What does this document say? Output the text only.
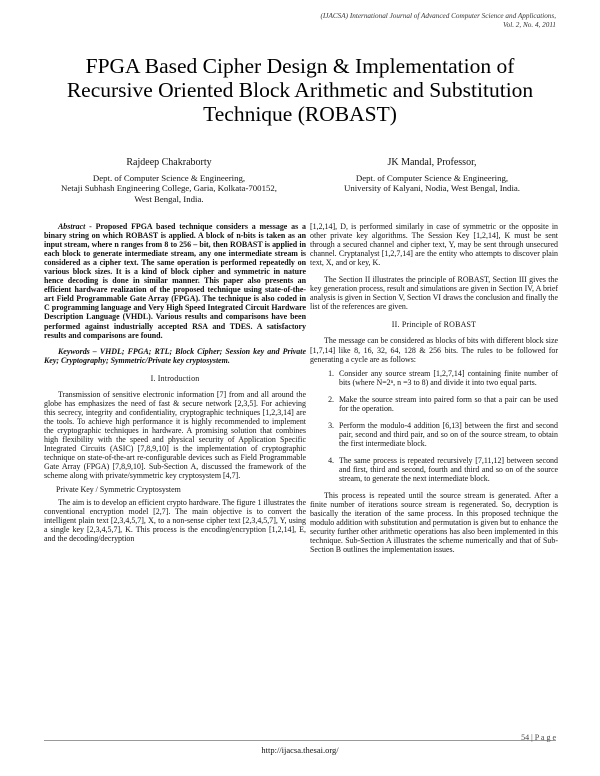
(IJACSA) International Journal of Advanced Computer Science and Applications,
Vol. 2, No. 4, 2011
FPGA Based Cipher Design & Implementation of
Recursive Oriented Block Arithmetic and Substitution
Technique (ROBAST)
Rajdeep Chakraborty
Dept. of Computer Science & Engineering,
Netaji Subhash Engineering College, Garia, Kolkata-700152,
West Bengal, India.
JK Mandal, Professor,
Dept. of Computer Science & Engineering,
University of Kalyani, Nodia, West Bengal, India.

Abstract - Proposed FPGA based technique considers a message as a binary string on which ROBAST is applied. A block of n-bits is taken as an input stream, where n ranges from 8 to 256 – bit, then ROBAST is applied in each block to generate intermediate stream, any one intermediate stream is considered as a cipher text. The same operation is performed repeatedly on various block sizes. It is a kind of block cipher and symmetric in nature hence decoding is done in similar manner. This paper also presents an efficient hardware realization of the proposed technique using state-of-the-art Field Programmable Gate Array (FPGA). The technique is also coded in C programming language and Very High Speed Integrated Circuit Hardware Description Language (VHDL). Various results and comparisons have been performed against industrially accepted RSA and TDES. A satisfactory results and comparisons are found.

Keywords – VHDL; FPGA; RTL; Block Cipher; Session key and Private Key; Cryptography; Symmetric/Private key cryptosystem.

I. Introduction

Transmission of sensitive electronic information [7] from and all around the globe has emphasizes the need of fast & secure network [2,3,5]. For achieving this secrecy, integrity and confidentiality, cryptographic techniques [1,2,3,14] are the tools. To achieve high performance it is highly recommended to implement the cryptographic techniques in hardware. A promising solution that combines high flexibility with the speed and physical security of Application Specific Integrated Circuits (ASIC) [7,8,9,10] is the implementation of cryptographic technique on state-of-the-art re-configurable devices such as Field Programmable Gate Array (FPGA) [7,8,9,10]. Sub-Section A, discussed the framework of the scheme along with private/symmetric key cryptosystem [4,7].

Private Key / Symmetric Cryptosystem

The aim is to develop an efficient crypto hardware. The figure 1 illustrates the conventional encryption model [2,7]. The main objective is to convert the intelligent plain text [2,3,4,5,7], X, to a non-sense cipher text [2,3,4,5,7], Y, using a single key [2,3,4,5,7], K. This process is the encoding/encryption [1,2,14], E, and the decoding/decryption

[1,2,14], D, is performed similarly in case of symmetric or the opposite in other private key algorithms. The Session Key [1,2,14], K must be sent through a secured channel and cipher text, Y, may be sent through unsecured channel. Cryptanalyst [1,2,7,14] are the entity who attempts to discover plain text, X, and or key, K.

The Section II illustrates the principle of ROBAST, Section III gives the key generation process, result and simulations are given in Section IV, A brief analysis is given in Section V, Section VI draws the conclusion and finally the list of the references are given.

II. Principle of ROBAST

The message can be considered as blocks of bits with different block size [1,7,14] like 8, 16, 32, 64, 128 & 256 bits. The rules to be followed for generating a cycle are as follows:

1. Consider any source stream [1,2,7,14] containing finite number of bits (where N=2ⁿ, n =3 to 8) and divide it into two equal parts.
2. Make the source stream into paired form so that a pair can be used for the operation.
3. Perform the modulo-4 addition [6,13] between the first and second pair, second and third pair, and so on of the source stream, to obtain the first intermediate block.
4. The same process is repeated recursively [7,11,12] between second and first, third and second, fourth and third and so on of the source stream, to generate the next intermediate block.

This process is repeated until the source stream is generated. After a finite number of iterations source stream is regenerated. So, decryption is basically the iteration of the same process. In this proposed technique the modulo addition with substitution and permutation is given but to enhance the security further other arithmetic operations has also been implemented in this technique. Sub-Section A illustrates the scheme numerically and that of Sub-Section B outlines the implementation issues.

54 | P a g e
http://ijacsa.thesai.org/
